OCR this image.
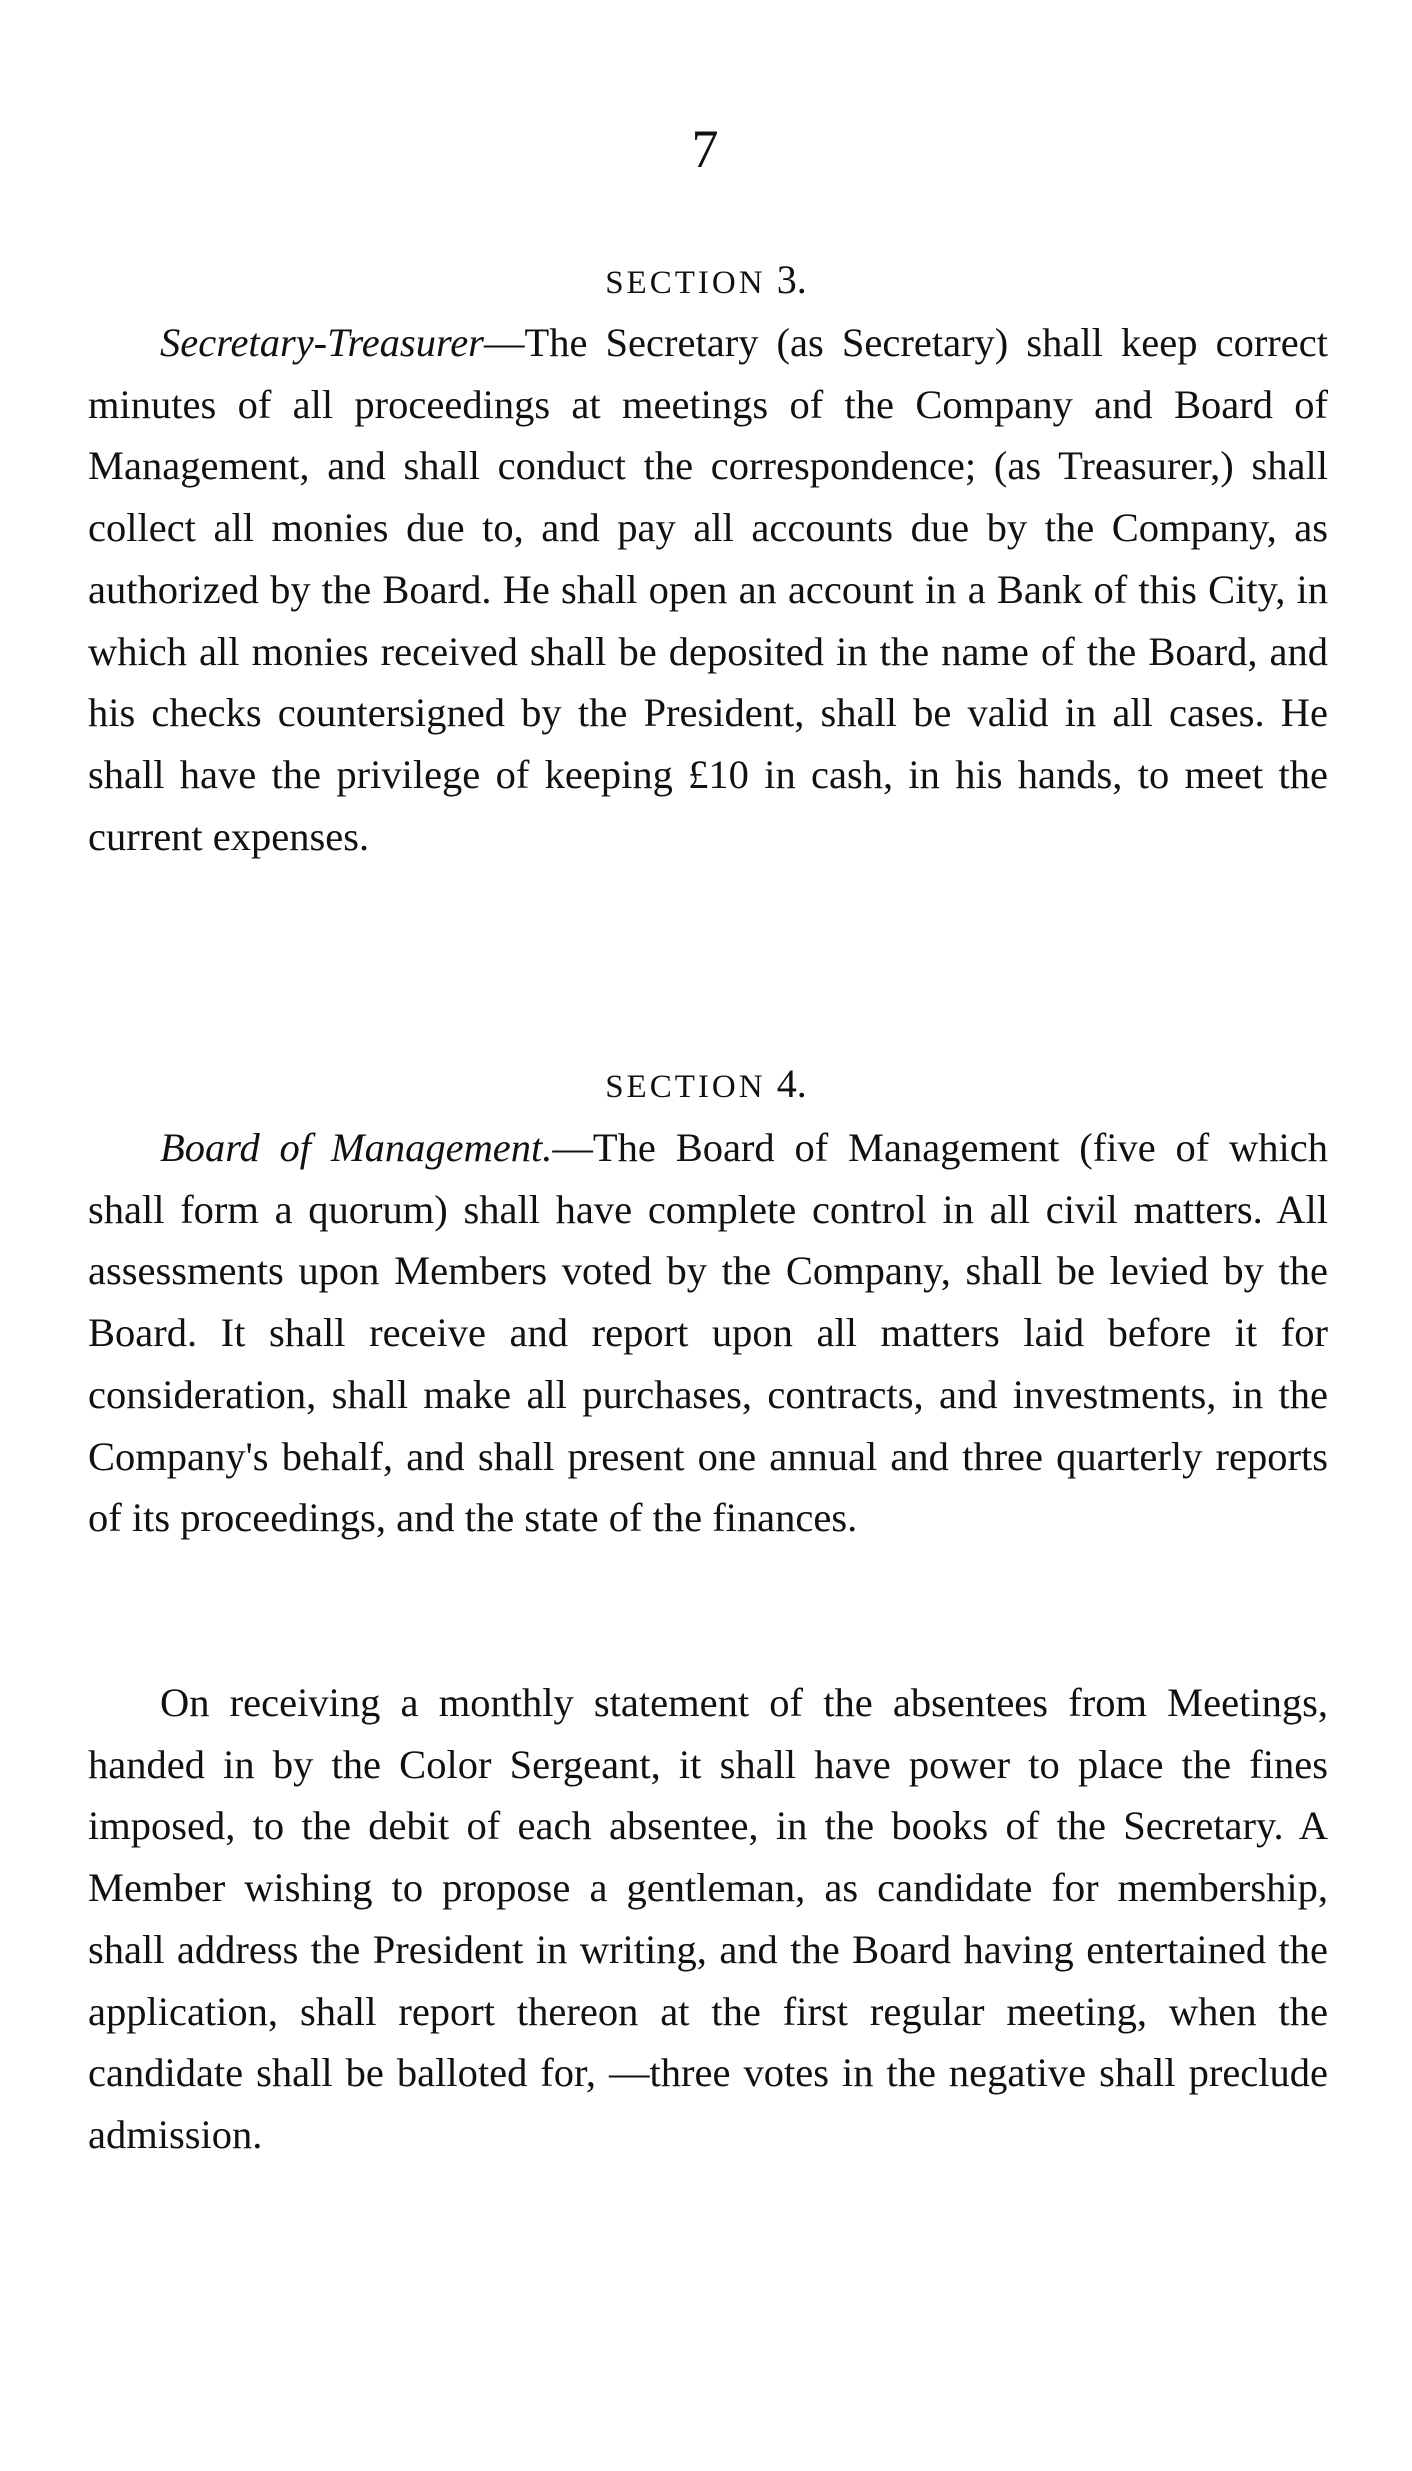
7
SECTION 3.

Secretary-Treasurer—The Secretary (as Secretary) shall keep correct minutes of all proceedings at meetings of the Company and Board of Management, and shall conduct the correspondence; (as Treasurer,) shall collect all monies due to, and pay all accounts due by the Company, as authorized by the Board. He shall open an account in a Bank of this City, in which all monies received shall be deposited in the name of the Board, and his checks countersigned by the President, shall be valid in all cases. He shall have the privilege of keeping £10 in cash, in his hands, to meet the current expenses.

SECTION 4.

Board of Management.—The Board of Management (five of which shall form a quorum) shall have complete control in all civil matters. All assessments upon Members voted by the Company, shall be levied by the Board. It shall receive and report upon all matters laid before it for consideration, shall make all purchases, contracts, and investments, in the Company's behalf, and shall present one annual and three quarterly reports of its proceedings, and the state of the finances.

On receiving a monthly statement of the absentees from Meetings, handed in by the Color Sergeant, it shall have power to place the fines imposed, to the debit of each absentee, in the books of the Secretary. A Member wishing to propose a gentleman, as candidate for membership, shall address the President in writing, and the Board having entertained the application, shall report thereon at the first regular meeting, when the candidate shall be balloted for, —three votes in the negative shall preclude admission.
